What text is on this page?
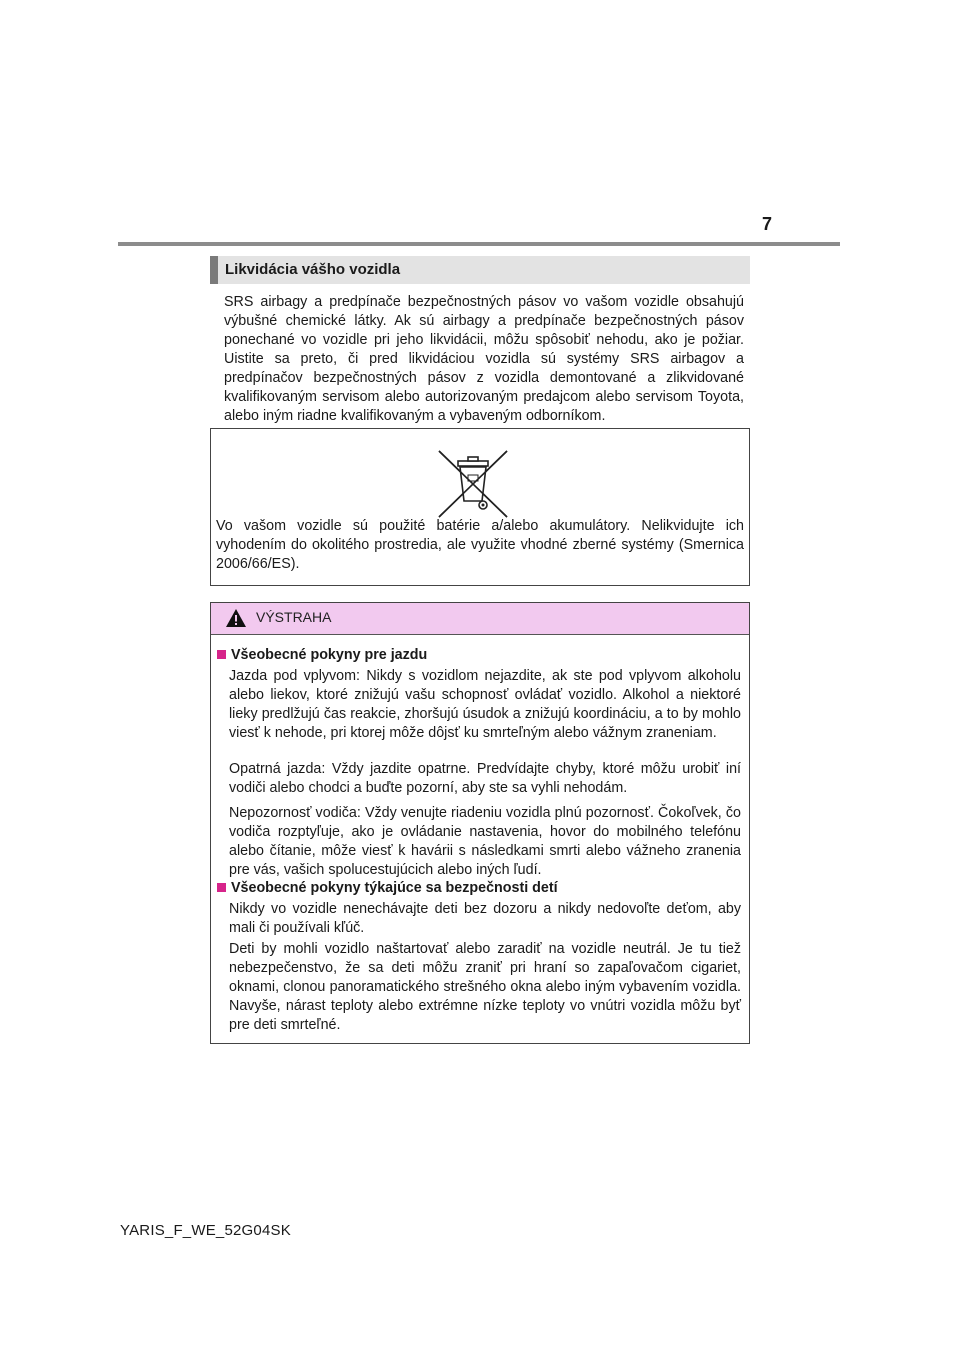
7
Likvidácia vášho vozidla

SRS airbagy a predpínače bezpečnostných pásov vo vašom vozidle obsahujú výbušné chemické látky. Ak sú airbagy a predpínače bezpečnostných pásov ponechané vo vozidle pri jeho likvidácii, môžu spôsobiť nehodu, ako je požiar. Uistite sa preto, či pred likvidáciou vozidla sú systémy SRS airbagov a predpínačov bezpečnostných pásov z vozidla demontované a zlikvidované kvalifikovaným servisom alebo autorizovaným predajcom alebo servisom Toyota, alebo iným riadne kvalifikovaným a vybaveným odborníkom.

Vo vašom vozidle sú použité batérie a/alebo akumulátory. Nelikvidujte ich vyhodením do okolitého prostredia, ale využite vhodné zberné systémy (Smernica 2006/66/ES).

VÝSTRAHA
Všeobecné pokyny pre jazdu

Jazda pod vplyvom: Nikdy s vozidlom nejazdite, ak ste pod vplyvom alkoholu alebo liekov, ktoré znižujú vašu schopnosť ovládať vozidlo. Alkohol a niektoré lieky predlžujú čas reakcie, zhoršujú úsudok a znižujú koordináciu, a to by mohlo viesť k nehode, pri ktorej môže dôjsť ku smrteľným alebo vážnym zraneniam.

Opatrná jazda: Vždy jazdite opatrne. Predvídajte chyby, ktoré môžu urobiť iní vodiči alebo chodci a buďte pozorní, aby ste sa vyhli nehodám.

Nepozornosť vodiča: Vždy venujte riadeniu vozidla plnú pozornosť. Čokoľvek, čo vodiča rozptyľuje, ako je ovládanie nastavenia, hovor do mobilného telefónu alebo čítanie, môže viesť k havárii s následkami smrti alebo vážneho zranenia pre vás, vašich spolucestujúcich alebo iných ľudí.

Všeobecné pokyny týkajúce sa bezpečnosti detí

Nikdy vo vozidle nenechávajte deti bez dozoru a nikdy nedovoľte deťom, aby mali či používali kľúč.

Deti by mohli vozidlo naštartovať alebo zaradiť na vozidle neutrál. Je tu tiež nebezpečenstvo, že sa deti môžu zraniť pri hraní so zapaľovačom cigariet, oknami, clonou panoramatického strešného okna alebo iným vybavením vozidla. Navyše, nárast teploty alebo extrémne nízke teploty vo vnútri vozidla môžu byť pre deti smrteľné.

YARIS_F_WE_52G04SK
